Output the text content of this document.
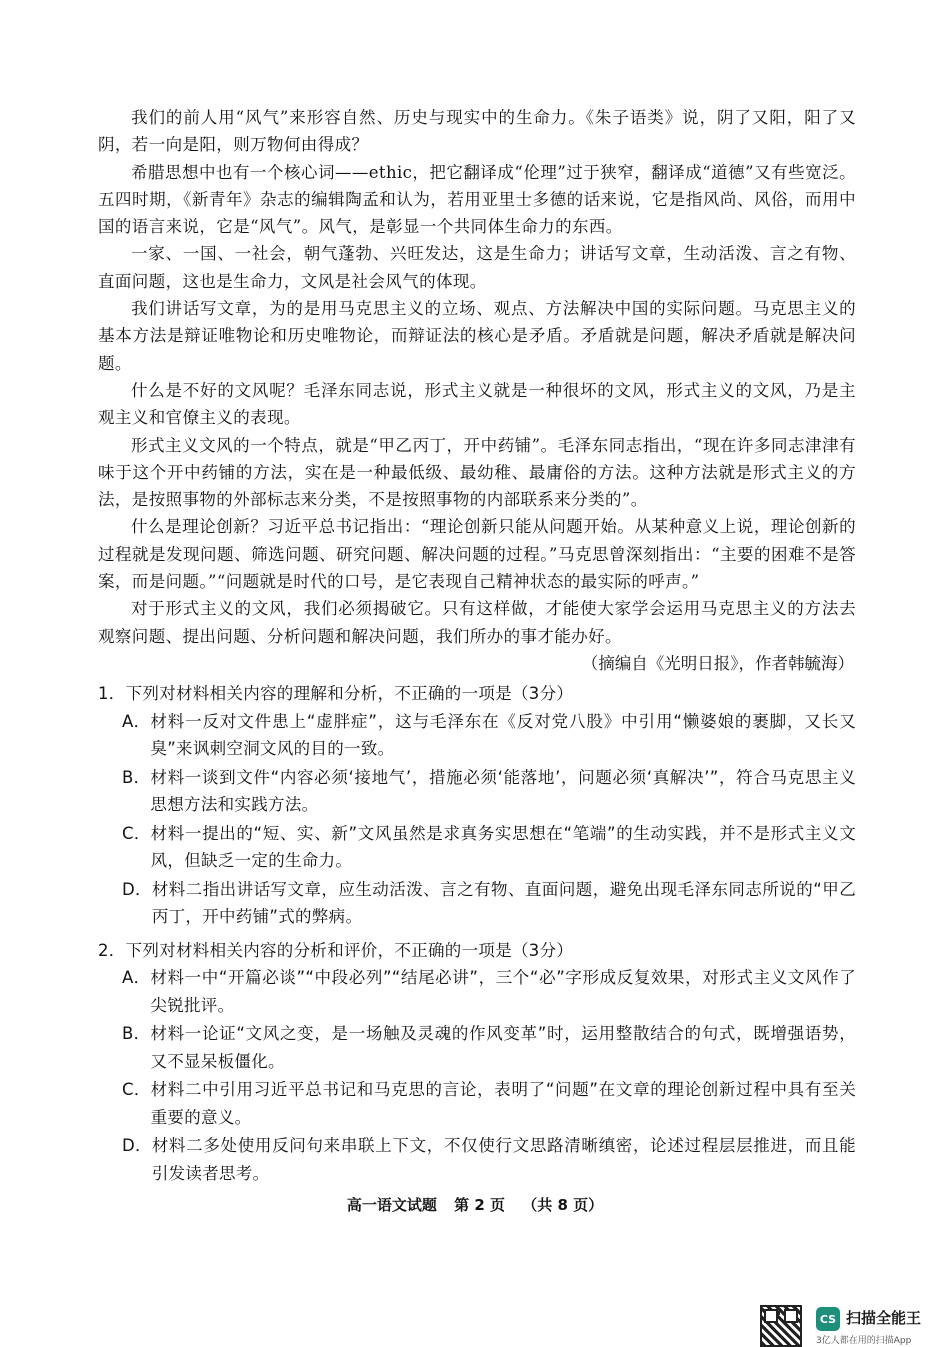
我们的前人用“风气”来形容自然、历史与现实中的生命力。《朱子语类》说，阴了又阳，阳了又阴，若一向是阳，则万物何由得成？

希腊思想中也有一个核心词——ethic，把它翻译成“伦理”过于狭窄，翻译成“道德”又有些宽泛。五四时期，《新青年》杂志的编辑陶孟和认为，若用亚里士多德的话来说，它是指风尚、风俗，而用中国的语言来说，它是“风气”。风气，是彰显一个共同体生命力的东西。

一家、一国、一社会，朝气蓬勃、兴旺发达，这是生命力；讲话写文章，生动活泼、言之有物、直面问题，这也是生命力，文风是社会风气的体现。

我们讲话写文章，为的是用马克思主义的立场、观点、方法解决中国的实际问题。马克思主义的基本方法是辩证唯物论和历史唯物论，而辩证法的核心是矛盾。矛盾就是问题，解决矛盾就是解决问题。

什么是不好的文风呢？毛泽东同志说，形式主义就是一种很坏的文风，形式主义的文风，乃是主观主义和官僚主义的表现。

形式主义文风的一个特点，就是“甲乙丙丁，开中药铺”。毛泽东同志指出，“现在许多同志津津有味于这个开中药铺的方法，实在是一种最低级、最幼稚、最庸俗的方法。这种方法就是形式主义的方法，是按照事物的外部标志来分类，不是按照事物的内部联系来分类的”。

什么是理论创新？习近平总书记指出：“理论创新只能从问题开始。从某种意义上说，理论创新的过程就是发现问题、筛选问题、研究问题、解决问题的过程。”马克思曾深刻指出：“主要的困难不是答案，而是问题。”“问题就是时代的口号，是它表现自己精神状态的最实际的呼声。”

对于形式主义的文风，我们必须揭破它。只有这样做，才能使大家学会运用马克思主义的方法去观察问题、提出问题、分析问题和解决问题，我们所办的事才能办好。

（摘编自《光明日报》，作者韩毓海）

1．下列对材料相关内容的理解和分析，不正确的一项是（3分）

A． 材料一反对文件患上“虚胖症”，这与毛泽东在《反对党八股》中引用“懒婆娘的裹脚，又长又臭”来讽刺空洞文风的目的一致。
B． 材料一谈到文件“内容必须‘接地气’，措施必须‘能落地’，问题必须‘真解决’”，符合马克思主义思想方法和实践方法。
C． 材料一提出的“短、实、新”文风虽然是求真务实思想在“笔端”的生动实践，并不是形式主义文风，但缺乏一定的生命力。
D． 材料二指出讲话写文章，应生动活泼、言之有物、直面问题，避免出现毛泽东同志所说的“甲乙丙丁，开中药铺”式的弊病。

2．下列对材料相关内容的分析和评价，不正确的一项是（3分）

A． 材料一中“开篇必谈”“中段必列”“结尾必讲”，三个“必”字形成反复效果，对形式主义文风作了尖锐批评。
B． 材料一论证“文风之变，是一场触及灵魂的作风变革”时，运用整散结合的句式，既增强语势，又不显呆板僵化。
C． 材料二中引用习近平总书记和马克思的言论，表明了“问题”在文章的理论创新过程中具有至关重要的意义。
D． 材料二多处使用反问句来串联上下文，不仅使行文思路清晰缜密，论述过程层层推进，而且能引发读者思考。
高一语文试题 第 2 页 （共 8 页）
CS 扫描全能王
3亿人都在用的扫描App
